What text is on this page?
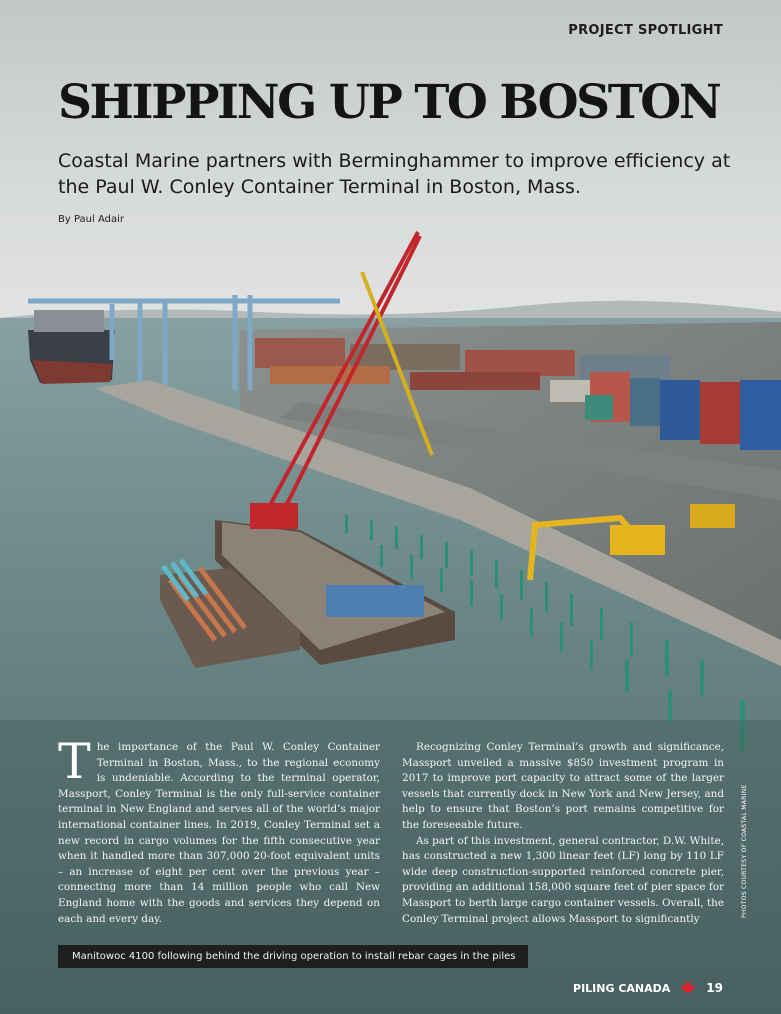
PROJECT SPOTLIGHT
SHIPPING UP TO BOSTON

Coastal Marine partners with Berminghammer to improve efficiency at the Paul W. Conley Container Terminal in Boston, Mass.

By Paul Adair

The importance of the Paul W. Conley Container Terminal in Boston, Mass., to the regional economy is undeniable. According to the terminal operator, Massport, Conley Terminal is the only full-service container terminal in New England and serves all of the world’s major international container lines. In 2019, Conley Terminal set a new record in cargo volumes for the fifth consecutive year when it handled more than 307,000 20-foot equivalent units – an increase of eight per cent over the previous year – connecting more than 14 million people who call New England home with the goods and services they depend on each and every day.

Recognizing Conley Terminal’s growth and significance, Massport unveiled a massive $850 investment program in 2017 to improve port capacity to attract some of the larger vessels that currently dock in New York and New Jersey, and help to ensure that Boston’s port remains competitive for the foreseeable future.

As part of this investment, general contractor, D.W. White, has constructed a new 1,300 linear feet (LF) long by 110 LF wide deep construction-supported reinforced concrete pier, providing an additional 158,000 square feet of pier space for Massport to berth large cargo container vessels. Overall, the Conley Terminal project allows Massport to significantly

Manitowoc 4100 following behind the driving operation to install rebar cages in the piles
PHOTOS COURTESY OF COASTAL MARINE
PILING CANADA	19
